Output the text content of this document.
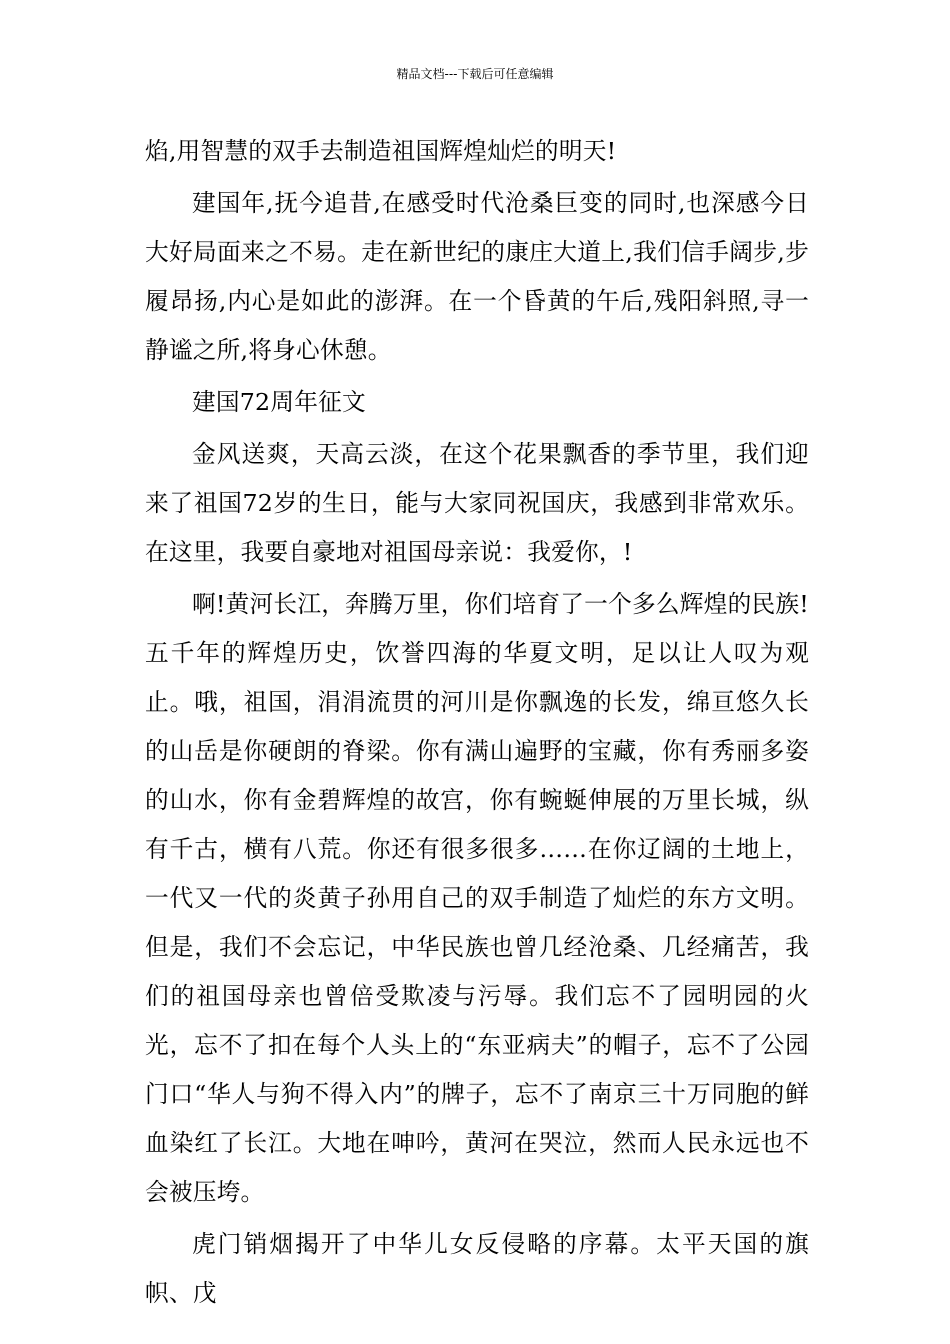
精品文档---下载后可任意编辑

焰,用智慧的双手去制造祖国辉煌灿烂的明天!

建国年,抚今追昔,在感受时代沧桑巨变的同时,也深感今日大好局面来之不易。走在新世纪的康庄大道上,我们信手阔步,步履昂扬,内心是如此的澎湃。在一个昏黄的午后,残阳斜照,寻一静谧之所,将身心休憩。

建国72周年征文

金风送爽，天高云淡，在这个花果飘香的季节里，我们迎来了祖国72岁的生日，能与大家同祝国庆，我感到非常欢乐。在这里，我要自豪地对祖国母亲说：我爱你，!

啊!黄河长江，奔腾万里，你们培育了一个多么辉煌的民族!五千年的辉煌历史，饮誉四海的华夏文明，足以让人叹为观止。哦，祖国，涓涓流贯的河川是你飘逸的长发，绵亘悠久长的山岳是你硬朗的脊梁。你有满山遍野的宝藏，你有秀丽多姿的山水，你有金碧辉煌的故宫，你有蜿蜒伸展的万里长城，纵有千古，横有八荒。你还有很多很多……在你辽阔的土地上，一代又一代的炎黄子孙用自己的双手制造了灿烂的东方文明。但是，我们不会忘记，中华民族也曾几经沧桑、几经痛苦，我们的祖国母亲也曾倍受欺凌与污辱。我们忘不了园明园的火光，忘不了扣在每个人头上的“东亚病夫”的帽子，忘不了公园门口“华人与狗不得入内”的牌子，忘不了南京三十万同胞的鲜血染红了长江。大地在呻吟，黄河在哭泣，然而人民永远也不会被压垮。

虎门销烟揭开了中华儿女反侵略的序幕。太平天国的旗帜、戊
